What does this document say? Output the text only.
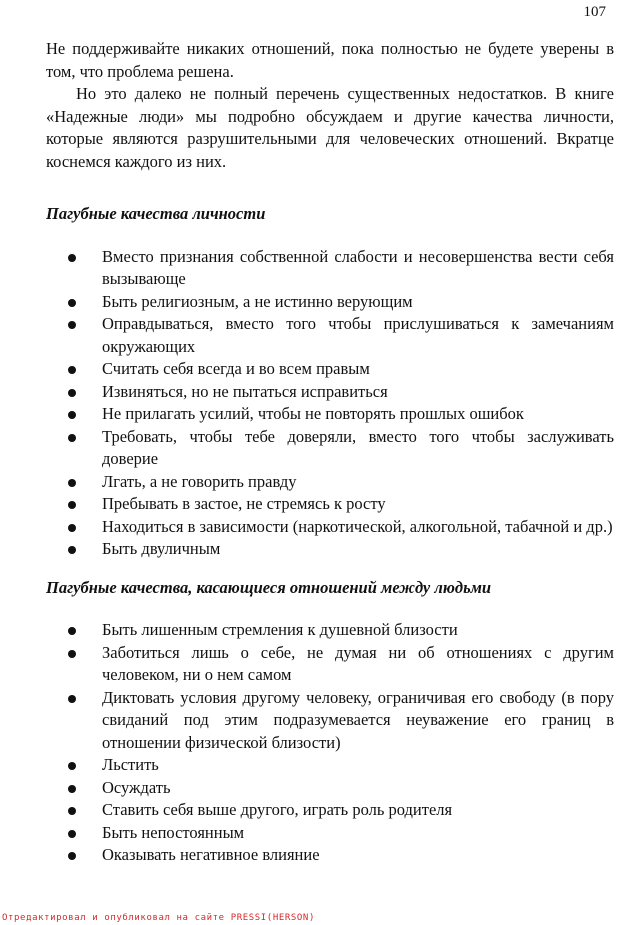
107

Не поддерживайте никаких отношений, пока полностью не будете уверены в том, что проблема решена.

Но это далеко не полный перечень существенных недостатков. В книге «Надежные люди» мы подробно обсуждаем и другие качества личности, которые являются разрушительными для человеческих отношений. Вкратце коснемся каждого из них.

Пагубные качества личности

Вместо признания собственной слабости и несовершенства вести себя вызывающе
Быть религиозным, а не истинно верующим
Оправдываться, вместо того чтобы прислушиваться к замечаниям окружающих
Считать себя всегда и во всем правым
Извиняться, но не пытаться исправиться
Не прилагать усилий, чтобы не повторять прошлых ошибок
Требовать, чтобы тебе доверяли, вместо того чтобы заслуживать доверие
Лгать, а не говорить правду
Пребывать в застое, не стремясь к росту
Находиться в зависимости (наркотической, алкогольной, табачной и др.)
Быть двуличным

Пагубные качества, касающиеся отношений между людьми

Быть лишенным стремления к душевной близости
Заботиться лишь о себе, не думая ни об отношениях с другим человеком, ни о нем самом
Диктовать условия другому человеку, ограничивая его свободу (в пору свиданий под этим подразумевается неуважение его границ в отношении физической близости)
Льстить
Осуждать
Ставить себя выше другого, играть роль родителя
Быть непостоянным
Оказывать негативное влияние
Отредактировал и опубликовал на сайте PRESSI(HERSON)
